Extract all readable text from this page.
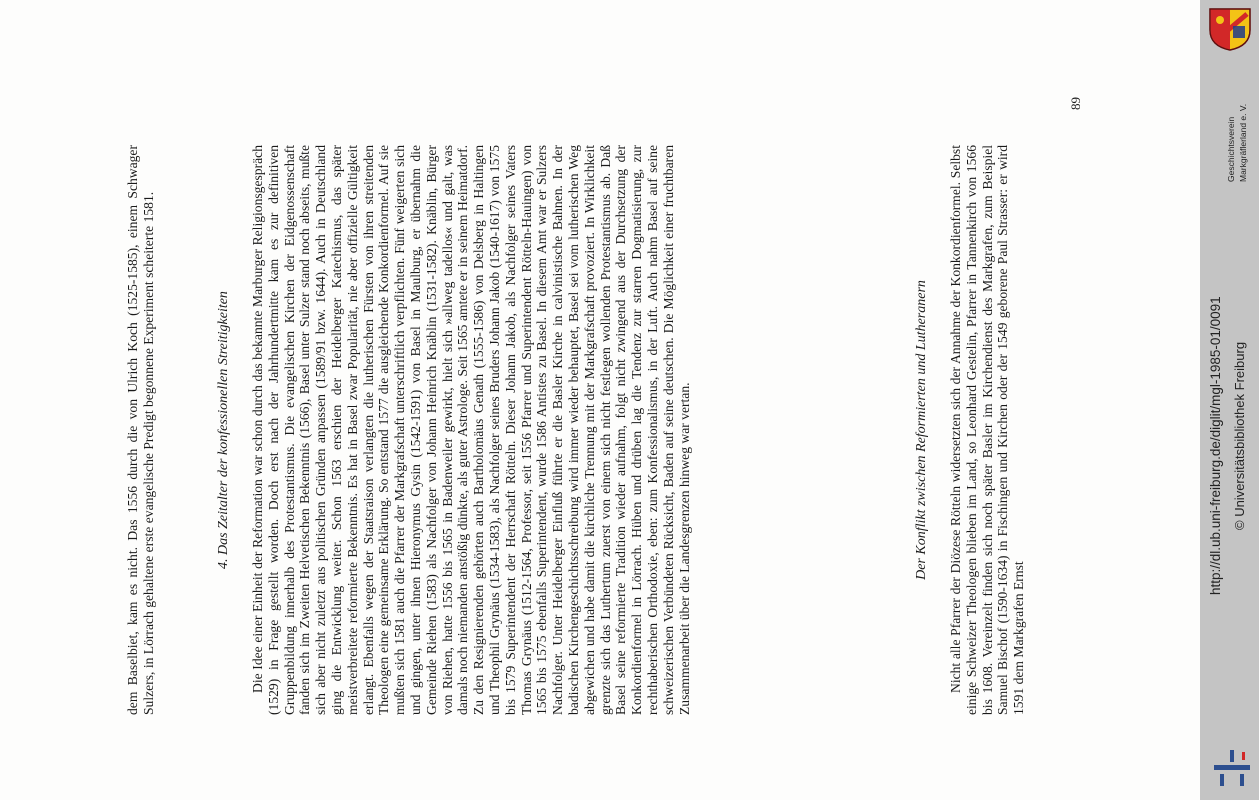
dem Baselbiet, kam es nicht. Das 1556 durch die von Ulrich Koch (1525-1585), einem Schwager Sulzers, in Lörrach gehaltene erste evangelische Predigt begonnene Experiment scheiterte 1581.	4. Das Zeitalter der konfessionellen Streitigkeiten Die Idee einer Einheit der Reformation war schon durch das bekannte Marburger Religionsgespräch (1529) in Frage gestellt worden. Doch erst nach der Jahrhundertmitte kam es zur definitiven Gruppenbildung innerhalb des Protestantismus. Die evangelischen Kirchen der Eidgenossenschaft fanden sich im Zweiten Helvetischen Bekenntnis (1566), Basel unter Sulzer stand noch abseits, mußte sich aber nicht zuletzt aus politischen Gründen anpassen (1589/91 bzw. 1644). Auch in Deutschland ging die Entwicklung weiter. Schon 1563 erschien der Heidelberger Katechismus, das später meistverbreitete reformierte Bekenntnis. Es hat in Basel zwar Popularität, nie aber offizielle Gültigkeit erlangt. Ebenfalls wegen der Staatsraison verlangten die lutherischen Fürsten von ihren streitenden Theologen eine gemeinsame Erklärung. So entstand 1577 die ausgleichende Konkordienformel. Auf sie mußten sich 1581 auch die Pfarrer der Markgrafschaft unterschriftlich verpflichten. Fünf weigerten sich und gingen, unter ihnen Hieronymus Gysin (1542-1591) von Basel in Maulburg, er übernahm die Gemeinde Riehen (1583) als Nachfolger von Johann Heinrich Knäblin (1531-1582). Knäblin, Bürger von Riehen, hatte 1556 bis 1565 in Badenweiler gewirkt, hielt sich »allweg tadellos« und galt, was damals noch niemanden anstößig dünkte, als guter Astrologe. Seit 1565 amtete er in seinem Heimatdorf. Zu den Resignierenden gehörten auch Bartholomäus Genath (1555-1586) von Delsberg in Haltingen und Theophil Grynäus (1534-1583), als Nachfolger seines Bruders Johann Jakob (1540-1617) von 1575 bis 1579 Superintendent der Herrschaft Rötteln. Dieser Johann Jakob, als Nachfolger seines Vaters Thomas Grynäus (1512-1564, Professor, seit 1556 Pfarrer und Superintendent Rötteln-Hauingen) von 1565 bis 1575 ebenfalls Superintendent, wurde 1586 Antistes zu Basel. In diesem Amt war er Sulzers Nachfolger. Unter Heidelberger Einfluß führte er die Basler Kirche in calvinistische Bahnen. In der badischen Kirchengeschichtsschreibung wird immer wieder behauptet, Basel sei vom lutherischen Weg abgewichen und habe damit die kirchliche Trennung mit der Markgrafschaft provoziert. In Wirklichkeit grenzte sich das Luthertum zuerst von einem sich nicht festlegen wollenden Protestantismus ab. Daß Basel seine reformierte Tradition wieder aufnahm, folgt nicht zwingend aus der Durchsetzung der Konkordienformel in Lörrach. Hüben und drüben lag die Tendenz zur starren Dogmatisierung, zur rechthaberischen Orthodoxie, eben: zum Konfessionalismus, in der Luft. Auch nahm Basel auf seine schweizerischen Verbündeten Rücksicht, Baden auf seine deutschen. Die Möglichkeit einer fruchtbaren Zusammenarbeit über die Landesgrenzen hinweg war vertan.	Der Konflikt zwischen Reformierten und Lutheranern Nicht alle Pfarrer der Diözese Rötteln widersetzten sich der Annahme der Konkordienformel. Selbst einige Schweizer Theologen blieben im Land, so Leonhard Gestelin, Pfarrer in Tannenkirch von 1566 bis 1608. Vereinzelt finden sich noch später Basler im Kirchendienst des Markgrafen, zum Beispiel Samuel Bischof (1590-1634) in Fischingen und Kirchen oder der 1549 geborene Paul Strasser: er wird 1591 dem Markgrafen Ernst

89
http://dl.ub.uni-freiburg.de/diglit/mgl-1985-01/0091 © Universitätsbibliothek Freiburg
Geschichtsverein Markgräflerland e. V.
